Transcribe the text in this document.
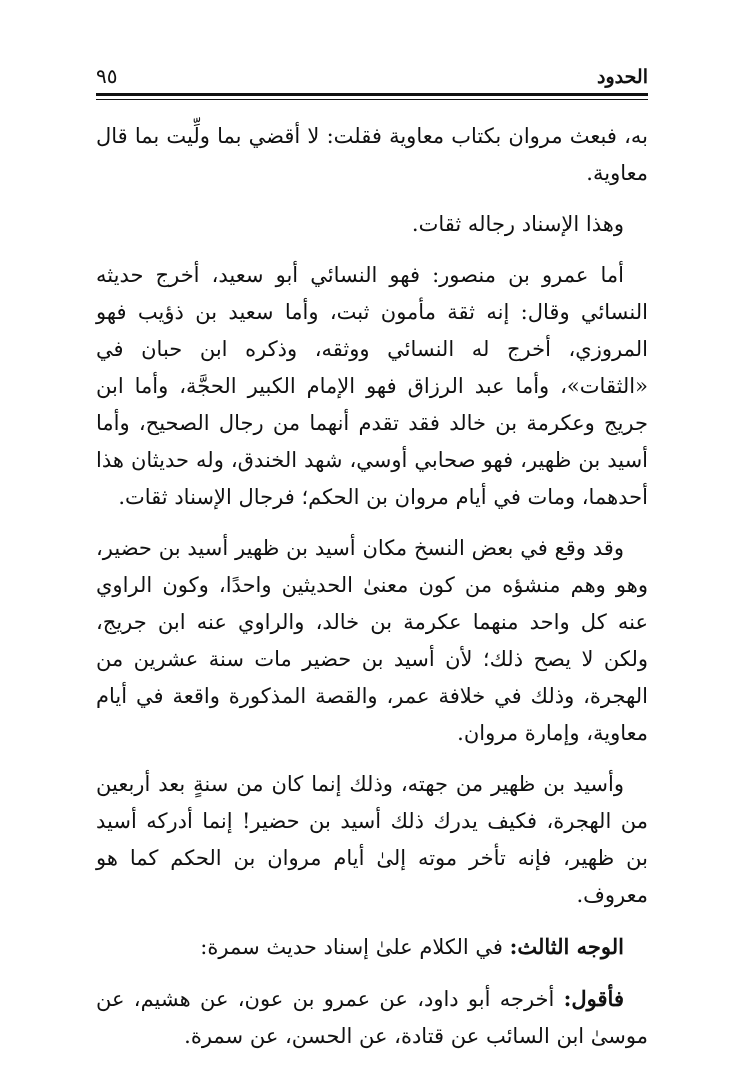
الحدود
٩٥

به، فبعث مروان بكتاب معاوية فقلت: لا أقضي بما ولِّيت بما قال معاوية.

وهذا الإسناد رجاله ثقات.

أما عمرو بن منصور: فهو النسائي أبو سعيد، أخرج حديثه النسائي وقال: إنه ثقة مأمون ثبت، وأما سعيد بن ذؤيب فهو المروزي، أخرج له النسائي ووثقه، وذكره ابن حبان في «الثقات»، وأما عبد الرزاق فهو الإمام الكبير الحجَّة، وأما ابن جريج وعكرمة بن خالد فقد تقدم أنهما من رجال الصحيح، وأما أسيد بن ظهير، فهو صحابي أوسي، شهد الخندق، وله حديثان هذا أحدهما، ومات في أيام مروان بن الحكم؛ فرجال الإسناد ثقات.

وقد وقع في بعض النسخ مكان أسيد بن ظهير أسيد بن حضير، وهو وهم منشؤه من كون معنىٰ الحديثين واحدًا، وكون الراوي عنه كل واحد منهما عكرمة بن خالد، والراوي عنه ابن جريج، ولكن لا يصح ذلك؛ لأن أسيد بن حضير مات سنة عشرين من الهجرة، وذلك في خلافة عمر، والقصة المذكورة واقعة في أيام معاوية، وإمارة مروان.

وأسيد بن ظهير من جهته، وذلك إنما كان من سنةٍ بعد أربعين من الهجرة، فكيف يدرك ذلك أسيد بن حضير! إنما أدركه أسيد بن ظهير، فإنه تأخر موته إلىٰ أيام مروان بن الحكم كما هو معروف.

الوجه الثالث: في الكلام علىٰ إسناد حديث سمرة:

فأقول: أخرجه أبو داود، عن عمرو بن عون، عن هشيم، عن موسىٰ ابن السائب عن قتادة، عن الحسن، عن سمرة.
